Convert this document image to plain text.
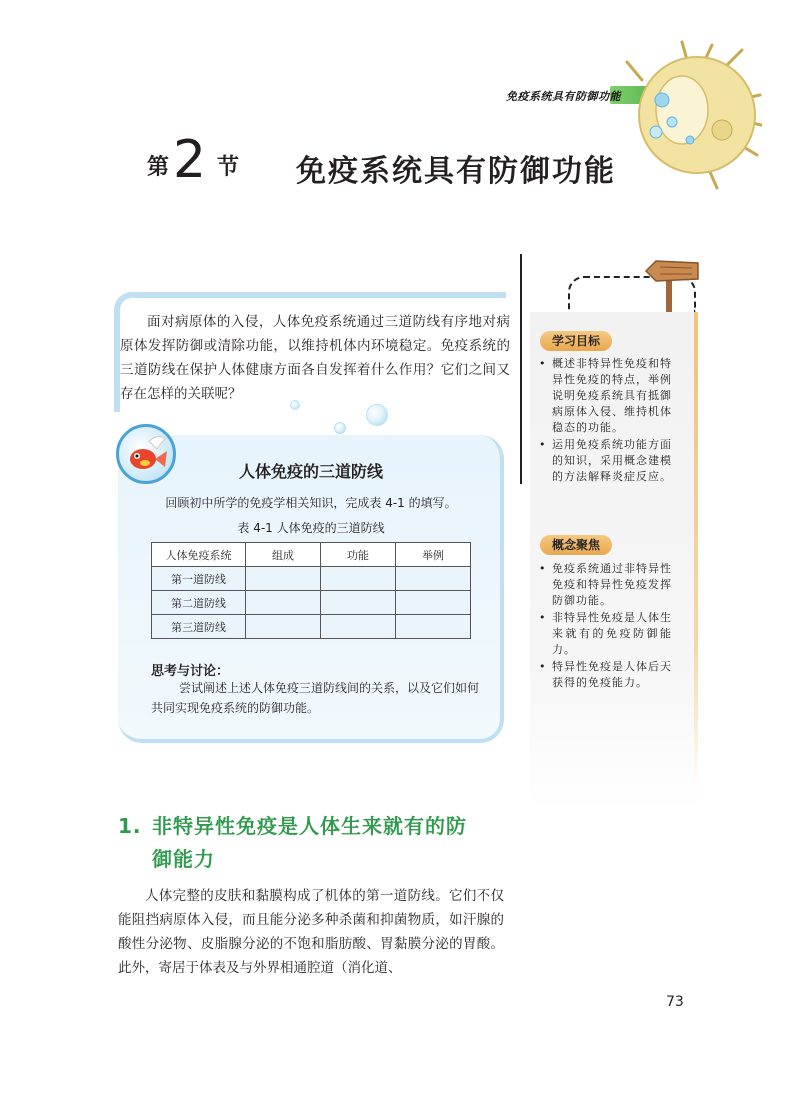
免疫系统具有防御功能
第 2 节 免疫系统具有防御功能

面对病原体的入侵，人体免疫系统通过三道防线有序地对病原体发挥防御或清除功能，以维持机体内环境稳定。免疫系统的三道防线在保护人体健康方面各自发挥着什么作用？它们之间又存在怎样的关联呢？

人体免疫的三道防线
回顾初中所学的免疫学相关知识，完成表 4-1 的填写。
表 4-1 人体免疫的三道防线
人体免疫系统	组成	功能	举例
第一道防线			
第二道防线			
第三道防线			
思考与讨论：

尝试阐述上述人体免疫三道防线间的关系，以及它们如何共同实现免疫系统的防御功能。

1. 非特异性免疫是人体生来就有的防
御能力

人体完整的皮肤和黏膜构成了机体的第一道防线。它们不仅能阻挡病原体入侵，而且能分泌多种杀菌和抑菌物质，如汗腺的酸性分泌物、皮脂腺分泌的不饱和脂肪酸、胃黏膜分泌的胃酸。此外，寄居于体表及与外界相通腔道（消化道、

73
学习目标
• 概述非特异性免疫和特异性免疫的特点，举例说明免疫系统具有抵御病原体入侵、维持机体稳态的功能。
• 运用免疫系统功能方面的知识，采用概念建模的方法解释炎症反应。
概念聚焦
• 免疫系统通过非特异性免疫和特异性免疫发挥防御功能。
• 非特异性免疫是人体生来就有的免疫防御能力。
• 特异性免疫是人体后天获得的免疫能力。
